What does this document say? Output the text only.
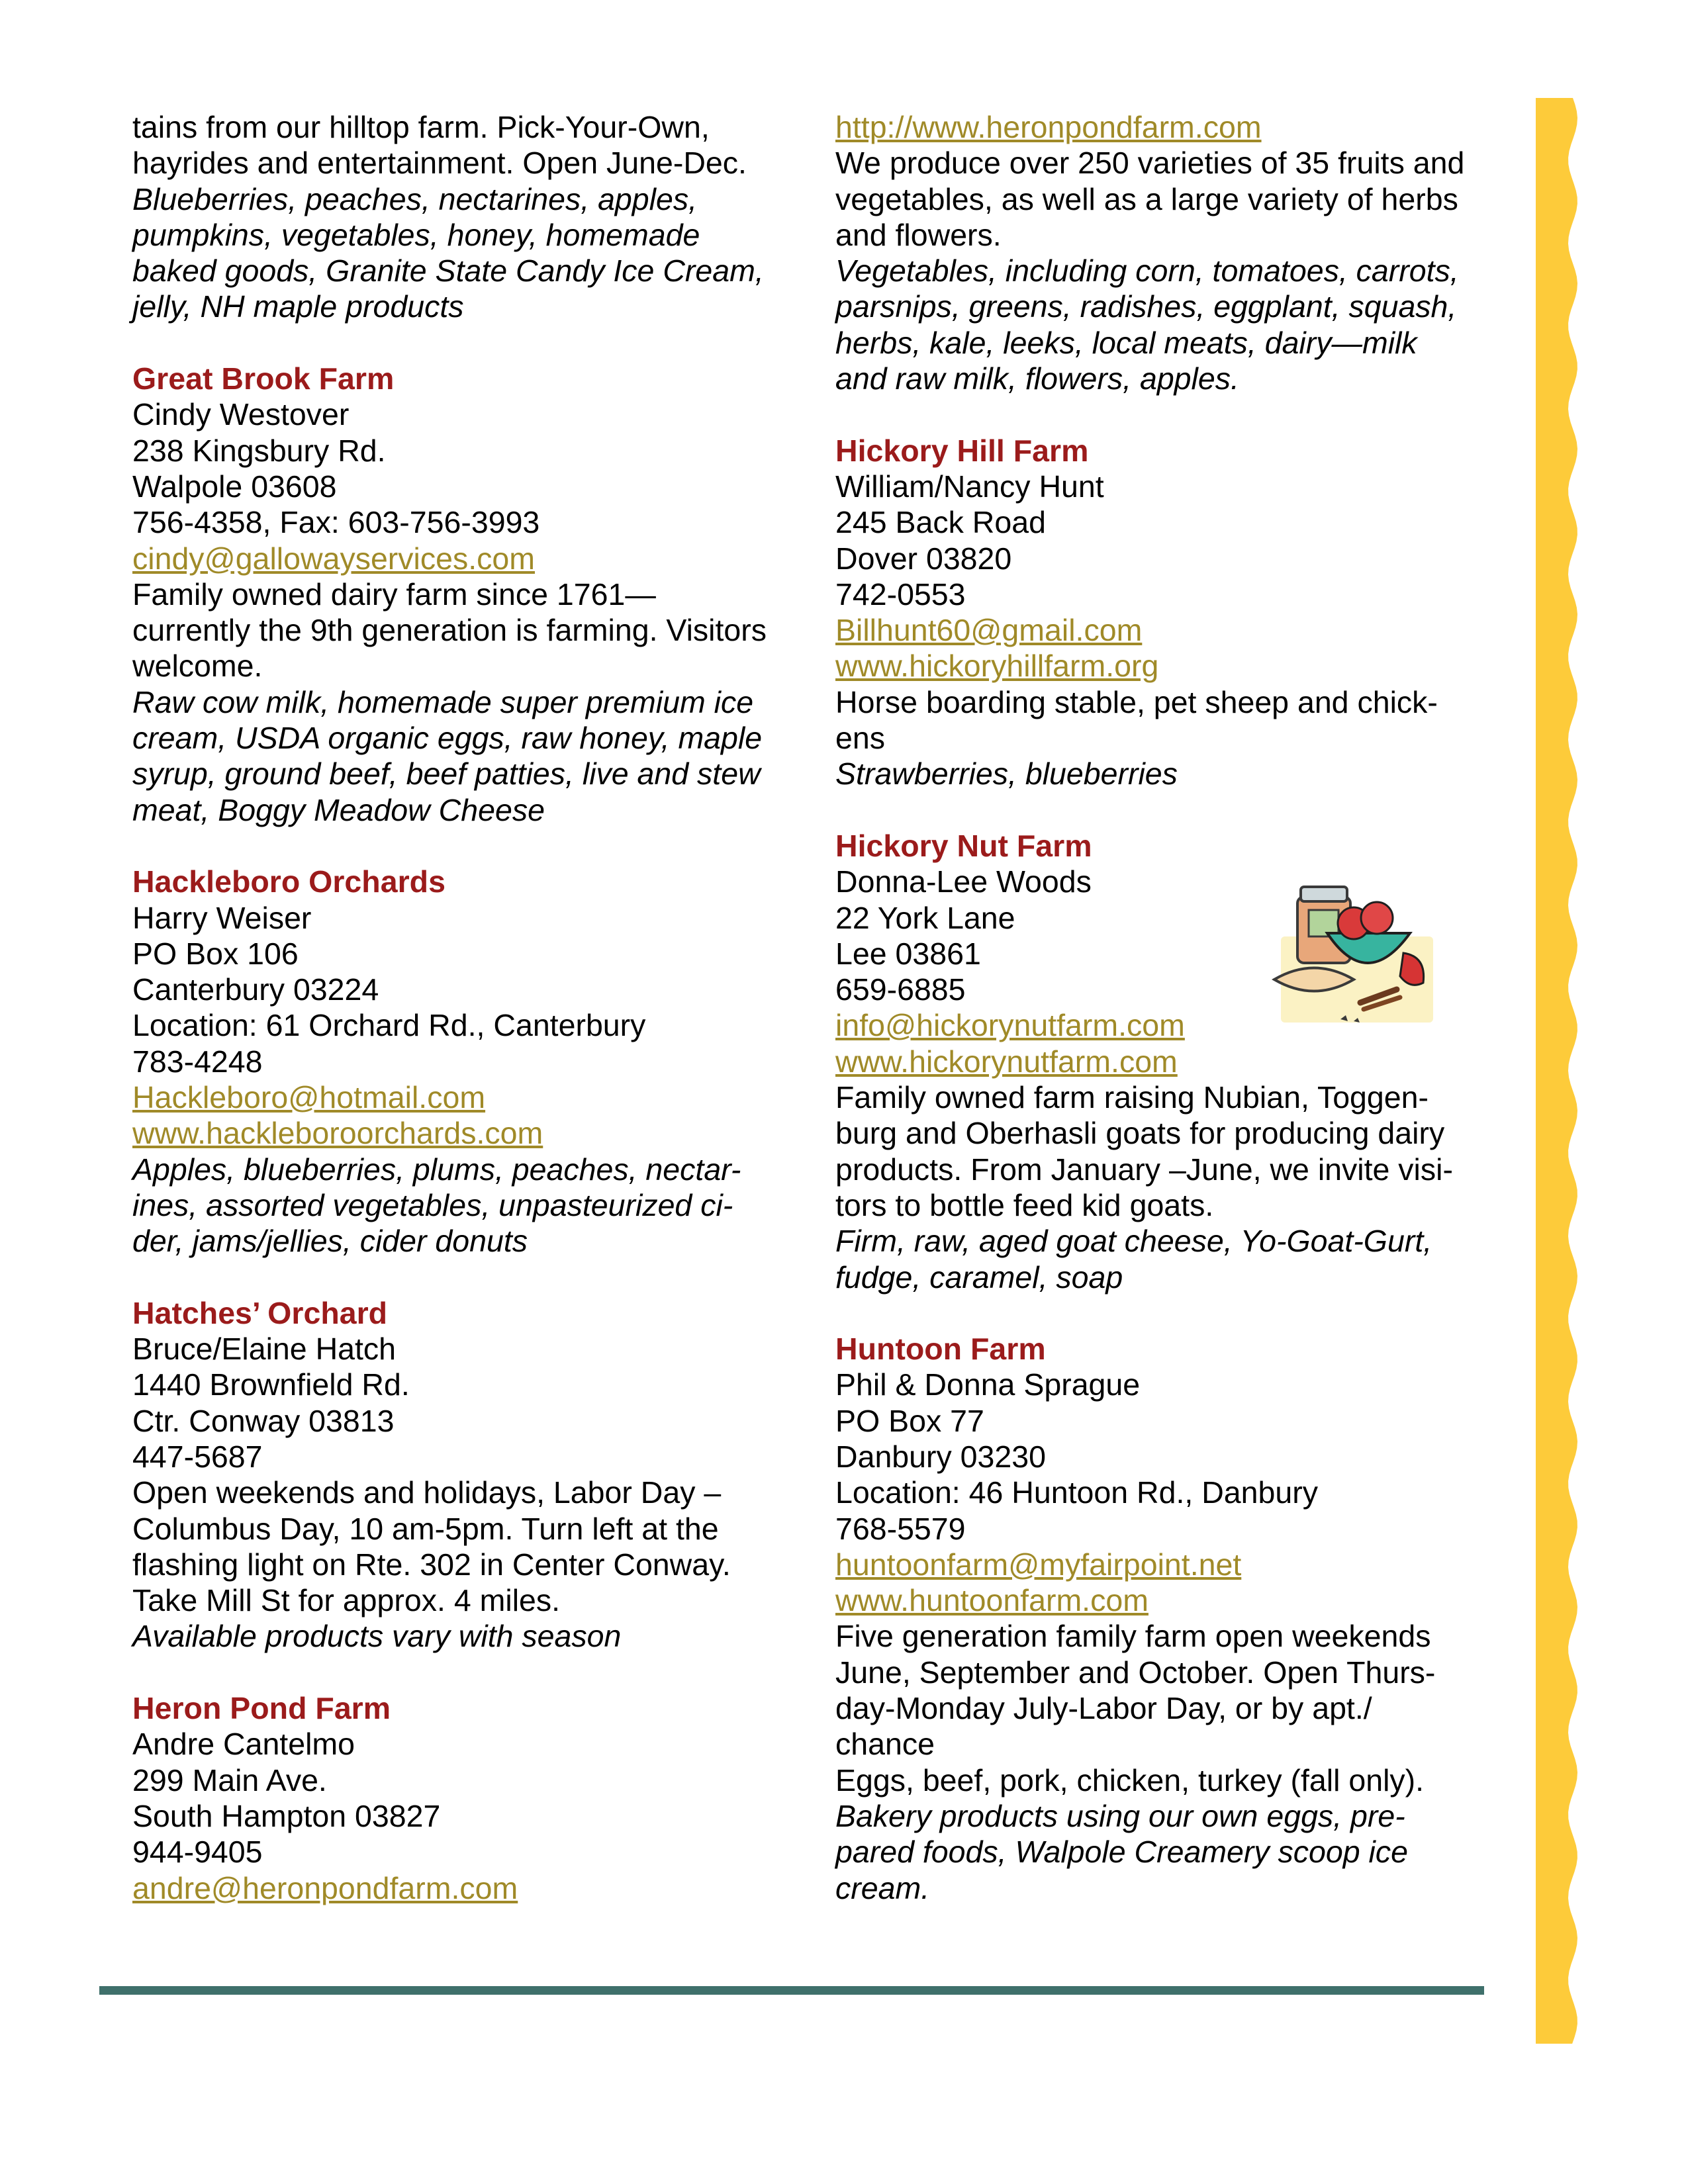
tains from our hilltop farm. Pick-Your-Own,
hayrides and entertainment. Open June-Dec.
Blueberries, peaches, nectarines, apples,
pumpkins, vegetables, honey, homemade
baked goods, Granite State Candy Ice Cream,
jelly, NH maple products
Great Brook Farm
Cindy Westover
238 Kingsbury Rd.
Walpole 03608
756-4358, Fax: 603-756-3993
cindy@gallowayservices.com
Family owned dairy farm since 1761—
currently the 9th generation is farming. Visitors
welcome.
Raw cow milk, homemade super premium ice
cream, USDA organic eggs, raw honey, maple
syrup, ground beef, beef patties, live and stew
meat, Boggy Meadow Cheese
Hackleboro Orchards
Harry Weiser
PO Box 106
Canterbury 03224
Location: 61 Orchard Rd., Canterbury
783-4248
Hackleboro@hotmail.com
www.hackleboroorchards.com
Apples, blueberries, plums, peaches, nectar-
ines, assorted vegetables, unpasteurized ci-
der, jams/jellies, cider donuts
Hatches’ Orchard
Bruce/Elaine Hatch
1440 Brownfield Rd.
Ctr. Conway 03813
447-5687
Open weekends and holidays, Labor Day –
Columbus Day, 10 am-5pm. Turn left at the
flashing light on Rte. 302 in Center Conway.
Take Mill St for approx. 4 miles.
Available products vary with season
Heron Pond Farm
Andre Cantelmo
299 Main Ave.
South Hampton 03827
944-9405
andre@heronpondfarm.com
http://www.heronpondfarm.com
We produce over 250 varieties of 35 fruits and
vegetables, as well as a large variety of herbs
and flowers.
Vegetables, including corn, tomatoes, carrots,
parsnips, greens, radishes, eggplant, squash,
herbs, kale, leeks, local meats, dairy—milk
and raw milk, flowers, apples.
Hickory Hill Farm
William/Nancy Hunt
245 Back Road
Dover 03820
742-0553
Billhunt60@gmail.com
www.hickoryhillfarm.org
Horse boarding stable, pet sheep and chick-
ens
Strawberries, blueberries
Hickory Nut Farm
Donna-Lee Woods
22 York Lane
Lee 03861
659-6885
info@hickorynutfarm.com
www.hickorynutfarm.com
Family owned farm raising Nubian, Toggen-
burg and Oberhasli goats for producing dairy
products. From January –June, we invite visi-
tors to bottle feed kid goats.
Firm, raw, aged goat cheese, Yo-Goat-Gurt,
fudge, caramel, soap
Huntoon Farm
Phil & Donna Sprague
PO Box 77
Danbury 03230
Location: 46 Huntoon Rd., Danbury
768-5579
huntoonfarm@myfairpoint.net
www.huntoonfarm.com
Five generation family farm open weekends
June, September and October. Open Thurs-
day-Monday July-Labor Day, or by apt./
chance
Eggs, beef, pork, chicken, turkey (fall only).
Bakery products using our own eggs, pre-
pared foods, Walpole Creamery scoop ice
cream.
